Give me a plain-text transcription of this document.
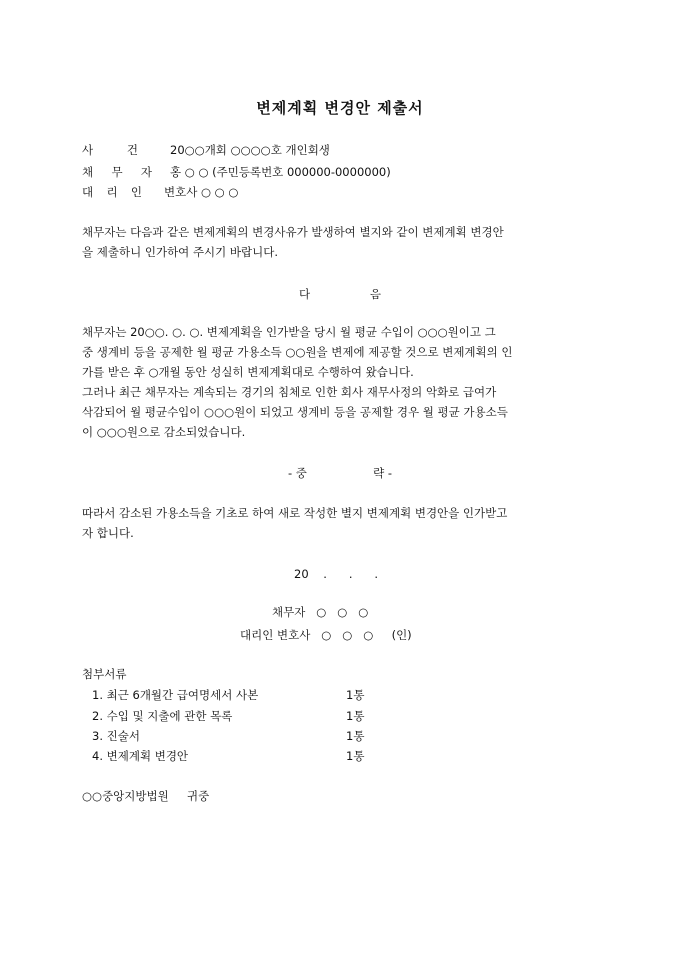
변제계획 변경안 제출서
사	건	20○○개회 ○○○○호 개인회생
채 무 자 홍 ○ ○ (주민등록번호 000000-0000000)
대 리 인 변호사 ○ ○ ○
채무자는 다음과 같은 변제계획의 변경사유가 발생하여 별지와 같이 변제계획 변경안
을 제출하니 인가하여 주시기 바랍니다.
다	음
채무자는 20○○. ○. ○. 변제계획을 인가받을 당시 월 평균 수입이 ○○○원이고 그
중 생계비 등을 공제한 월 평균 가용소득 ○○원을 변제에 제공할 것으로 변제계획의 인
가를 받은 후 ○개월 동안 성실히 변제계획대로 수행하여 왔습니다.
그러나 최근 채무자는 계속되는 경기의 침체로 인한 회사 재무사정의 악화로 급여가
삭감되어 월 평균수입이 ○○○원이 되었고 생계비 등을 공제할 경우 월 평균 가용소득
이 ○○○원으로 감소되었습니다.
- 중	략 -
따라서 감소된 가용소득을 기초로 하여 새로 작성한 별지 변제계획 변경안을 인가받고
자 합니다.
20    .      .      .
채무자   ○   ○   ○
대리인 변호사   ○   ○   ○     (인)
첨부서류
1. 최근 6개월간 급여명세서 사본	1통
2. 수입 및 지출에 관한 목록	1통
3. 진술서	1통
4. 변제계획 변경안	1통
○○중앙지방법원     귀중
